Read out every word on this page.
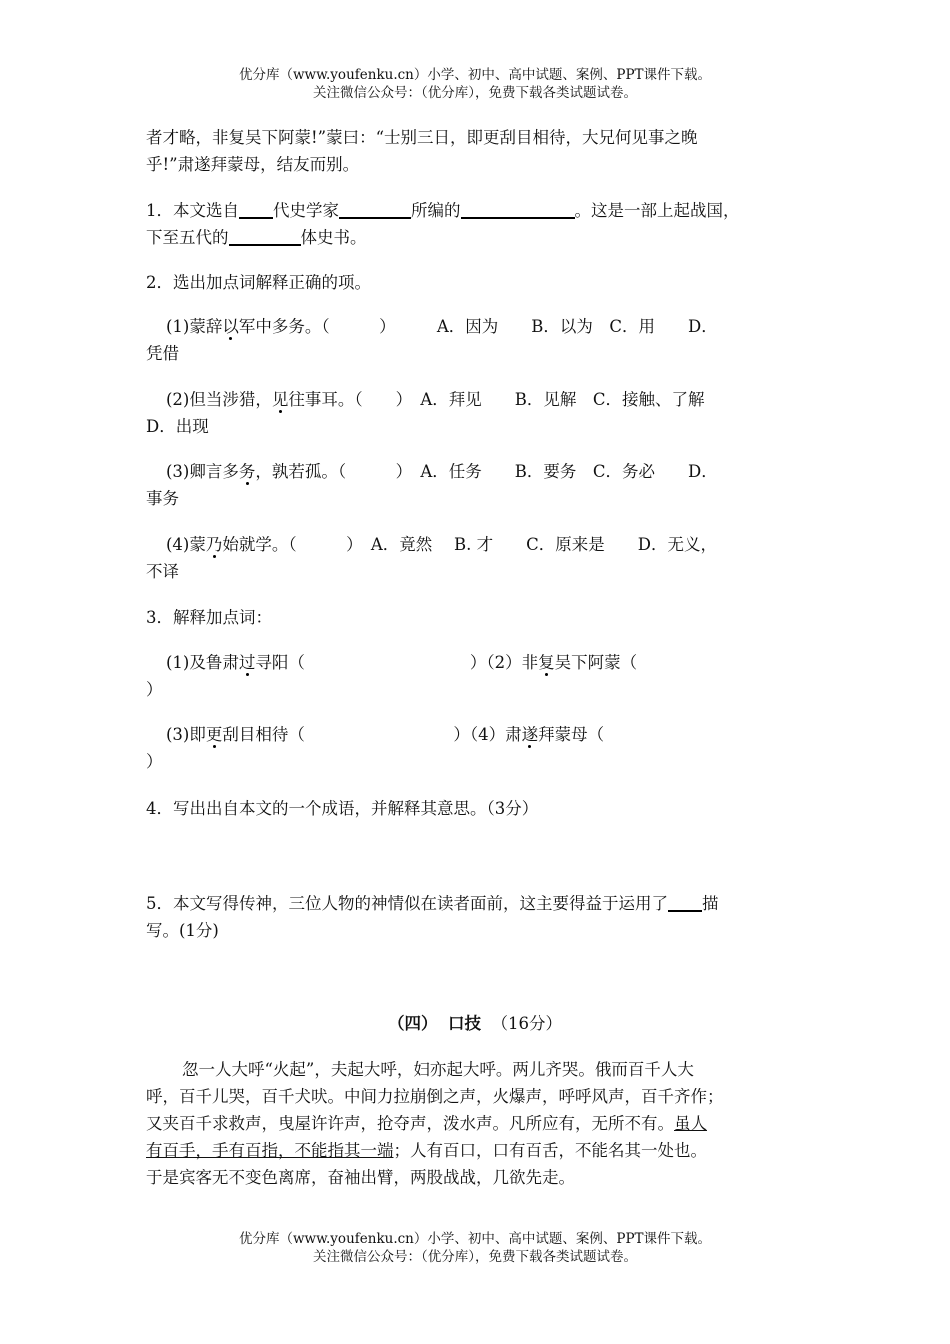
优分库（www.youfenku.cn）小学、初中、高中试题、案例、PPT课件下载。
关注微信公众号：（优分库），免费下载各类试题试卷。
者才略，非复吴下阿蒙!”蒙曰：“士别三日，即更刮目相待，大兄何见事之晚
乎!”肃遂拜蒙母，结友而别。
1．本文选自 代史学家	所编的	。这是一部上起战国，
下至五代的	体史书。
2．选出加点词解释正确的项。
(1)蒙辞以军中多务。（　　　）　　　A．因为　　B．以为　C．用　　D．
凭借
(2)但当涉猎，见往事耳。（　　）　A．拜见　　B．见解　C．接触、了解
D．出现
(3)卿言多务，孰若孤。（　　　）　A．任务　　B．要务　C．务必　　D．
事务
(4)蒙乃始就学。（　　　）　A．竟然　 B. 才　　C．原来是　　D．无义，
不译
3．解释加点词：
(1)及鲁肃过寻阳（　　　　　　　　　　）（2）非复吴下阿蒙（
）
(3)即更刮目相待（　　　　　　　　　）（4）肃遂拜蒙母（
）
4．写出出自本文的一个成语，并解释其意思。（3分）
5．本文写得传神，三位人物的神情似在读者面前，这主要得益于运用了 描
写。(1分)
（四） 口技 （16分）
忽一人大呼“火起”，夫起大呼，妇亦起大呼。两儿齐哭。俄而百千人大
呼，百千儿哭，百千犬吠。中间力拉崩倒之声，火爆声，呼呼风声，百千齐作；
又夹百千求救声，曳屋许许声，抢夺声，泼水声。凡所应有，无所不有。虽人
有百手，手有百指，不能指其一端；人有百口，口有百舌，不能名其一处也。
于是宾客无不变色离席，奋袖出臂，两股战战，几欲先走。
优分库（www.youfenku.cn）小学、初中、高中试题、案例、PPT课件下载。
关注微信公众号：（优分库），免费下载各类试题试卷。
